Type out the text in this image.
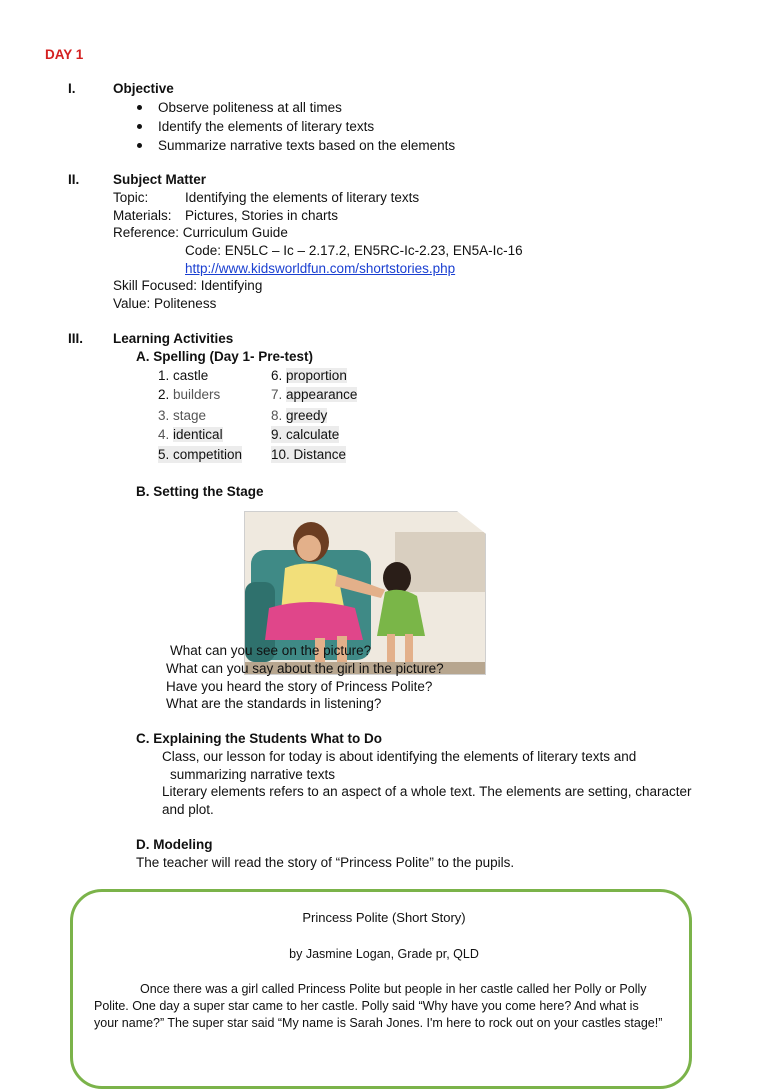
DAY 1
I.	Objective
Observe politeness at all times
Identify the elements of literary texts
Summarize narrative texts based on the elements
II. Subject Matter
Topic:	Identifying the elements of literary texts
Materials: Pictures, Stories in charts
Reference: Curriculum Guide
Code: EN5LC – Ic – 2.17.2, EN5RC-Ic-2.23, EN5A-Ic-16
http://www.kidsworldfun.com/shortstories.php
Skill Focused: Identifying
Value: Politeness
III. Learning Activities
A. Spelling (Day 1- Pre-test)
1. castle
2. builders
3. stage
4. identical
5. competition
6. proportion
7. appearance
8. greedy
9. calculate
10. Distance
B. Setting the Stage
What can you see on the picture?
What can you say about the girl in the picture?
Have you heard the story of Princess Polite?
What are the standards in listening?
C. Explaining the Students What to Do
Class, our lesson for today is about identifying the elements of literary texts and
summarizing narrative texts
Literary elements refers to an aspect of a whole text. The elements are setting, character
and plot.
D. Modeling
The teacher will read the story of “Princess Polite” to the pupils.
Princess Polite (Short Story)
by Jasmine Logan, Grade pr, QLD
Once there was a girl called Princess Polite but people in her castle called her Polly or Polly
Polite. One day a super star came to her castle. Polly said “Why have you come here? And what is
your name?” The super star said “My name is Sarah Jones. I'm here to rock out on your castles stage!”
